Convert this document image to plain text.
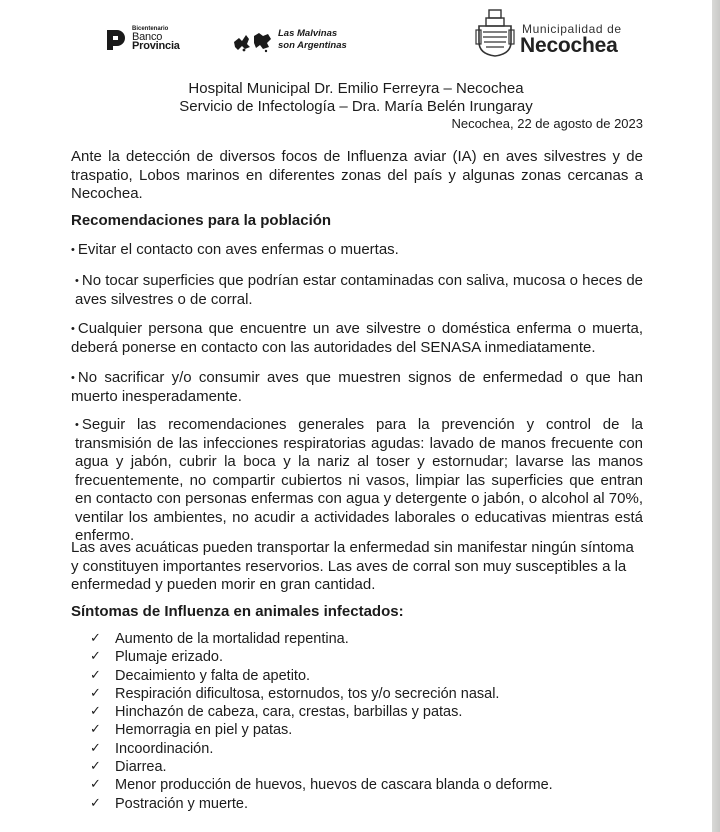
Bicentenario
Banco
Provincia
Las Malvinas
son Argentinas
Municipalidad de
Necochea
Hospital Municipal Dr. Emilio Ferreyra – Necochea
Servicio de Infectología – Dra. María Belén Irungaray
Necochea, 22 de agosto de 2023
Ante la detección de diversos focos de Influenza aviar (IA) en aves silvestres y de traspatio, Lobos marinos en diferentes zonas del país y algunas zonas cercanas a Necochea.
Recomendaciones para la población
• Evitar el contacto con aves enfermas o muertas.
• No tocar superficies que podrían estar contaminadas con saliva, mucosa o heces de aves silvestres o de corral.
• Cualquier persona que encuentre un ave silvestre o doméstica enferma o muerta, deberá ponerse en contacto con las autoridades del SENASA inmediatamente.
• No sacrificar y/o consumir aves que muestren signos de enfermedad o que han muerto inesperadamente.
• Seguir las recomendaciones generales para la prevención y control de la transmisión de las infecciones respiratorias agudas: lavado de manos frecuente con agua y jabón, cubrir la boca y la nariz al toser y estornudar; lavarse las manos frecuentemente, no compartir cubiertos ni vasos, limpiar las superficies que entran en contacto con personas enfermas con agua y detergente o jabón, o alcohol al 70%, ventilar los ambientes, no acudir a actividades laborales o educativas mientras está enfermo.
Las aves acuáticas pueden transportar la enfermedad sin manifestar ningún síntoma y constituyen importantes reservorios. Las aves de corral son muy susceptibles a la enfermedad y pueden morir en gran cantidad.
Síntomas de Influenza en animales infectados:
✓ Aumento de la mortalidad repentina.
✓ Plumaje erizado.
✓ Decaimiento y falta de apetito.
✓ Respiración dificultosa, estornudos, tos y/o secreción nasal.
✓ Hinchazón de cabeza, cara, crestas, barbillas y patas.
✓ Hemorragia en piel y patas.
✓ Incoordinación.
✓ Diarrea.
✓ Menor producción de huevos, huevos de cascara blanda o deforme.
✓ Postración y muerte.
